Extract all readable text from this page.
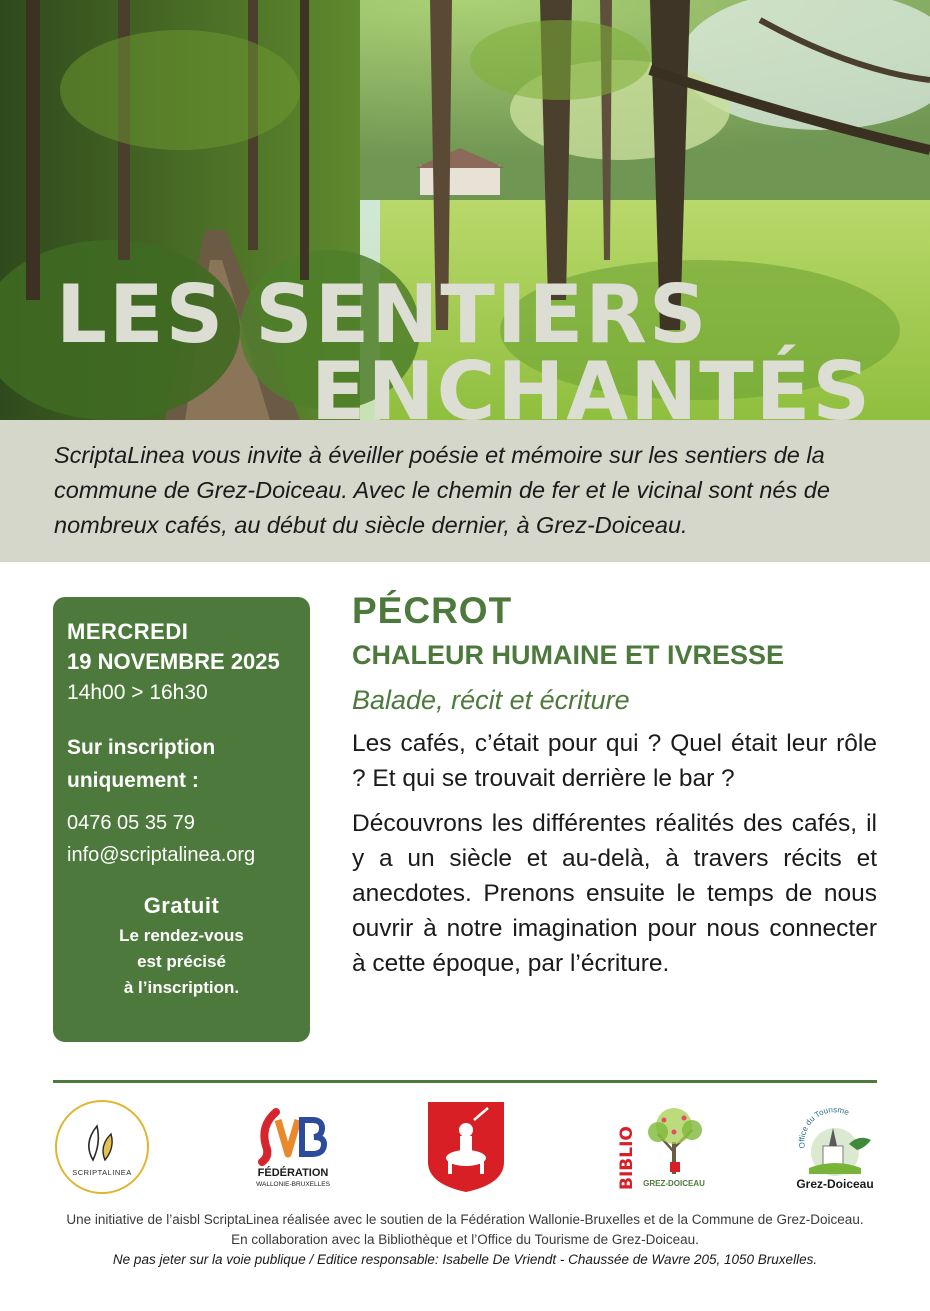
LES SENTIERS
ENCHANTÉS

ScriptaLinea vous invite à éveiller poésie et mémoire sur les sentiers de la commune de Grez-Doiceau. Avec le chemin de fer et le vicinal sont nés de nombreux cafés, au début du siècle dernier, à Grez-Doiceau.

MERCREDI
19 NOVEMBRE 2025
14h00 > 16h30
Sur inscription
uniquement :
0476 05 35 79
info@scriptalinea.org
Gratuit
Le rendez-vous
est précisé
à l’inscription.
PÉCROT
CHALEUR HUMAINE ET IVRESSE
Balade, récit et écriture

Les cafés, c’était pour qui ? Quel était leur rôle ? Et qui se trouvait derrière le bar ?

Découvrons les différentes réalités des cafés, il y a un siècle et au-delà, à travers récits et anecdotes. Prenons ensuite le temps de nous ouvrir à notre imagination pour nous connecter à cette époque, par l’écriture.

SCRIPTALINEA	FÉDÉRATION
WALLONIE-BRUXELLES	BIBLIO GREZ-DOICEAU
Office du Tourisme
Grez-Doiceau
Une initiative de l’aisbl ScriptaLinea réalisée avec le soutien de la Fédération Wallonie-Bruxelles et de la Commune de Grez-Doiceau.
En collaboration avec la Bibliothèque et l’Office du Tourisme de Grez-Doiceau.
Ne pas jeter sur la voie publique / Editice responsable: Isabelle De Vriendt - Chaussée de Wavre 205, 1050 Bruxelles.
